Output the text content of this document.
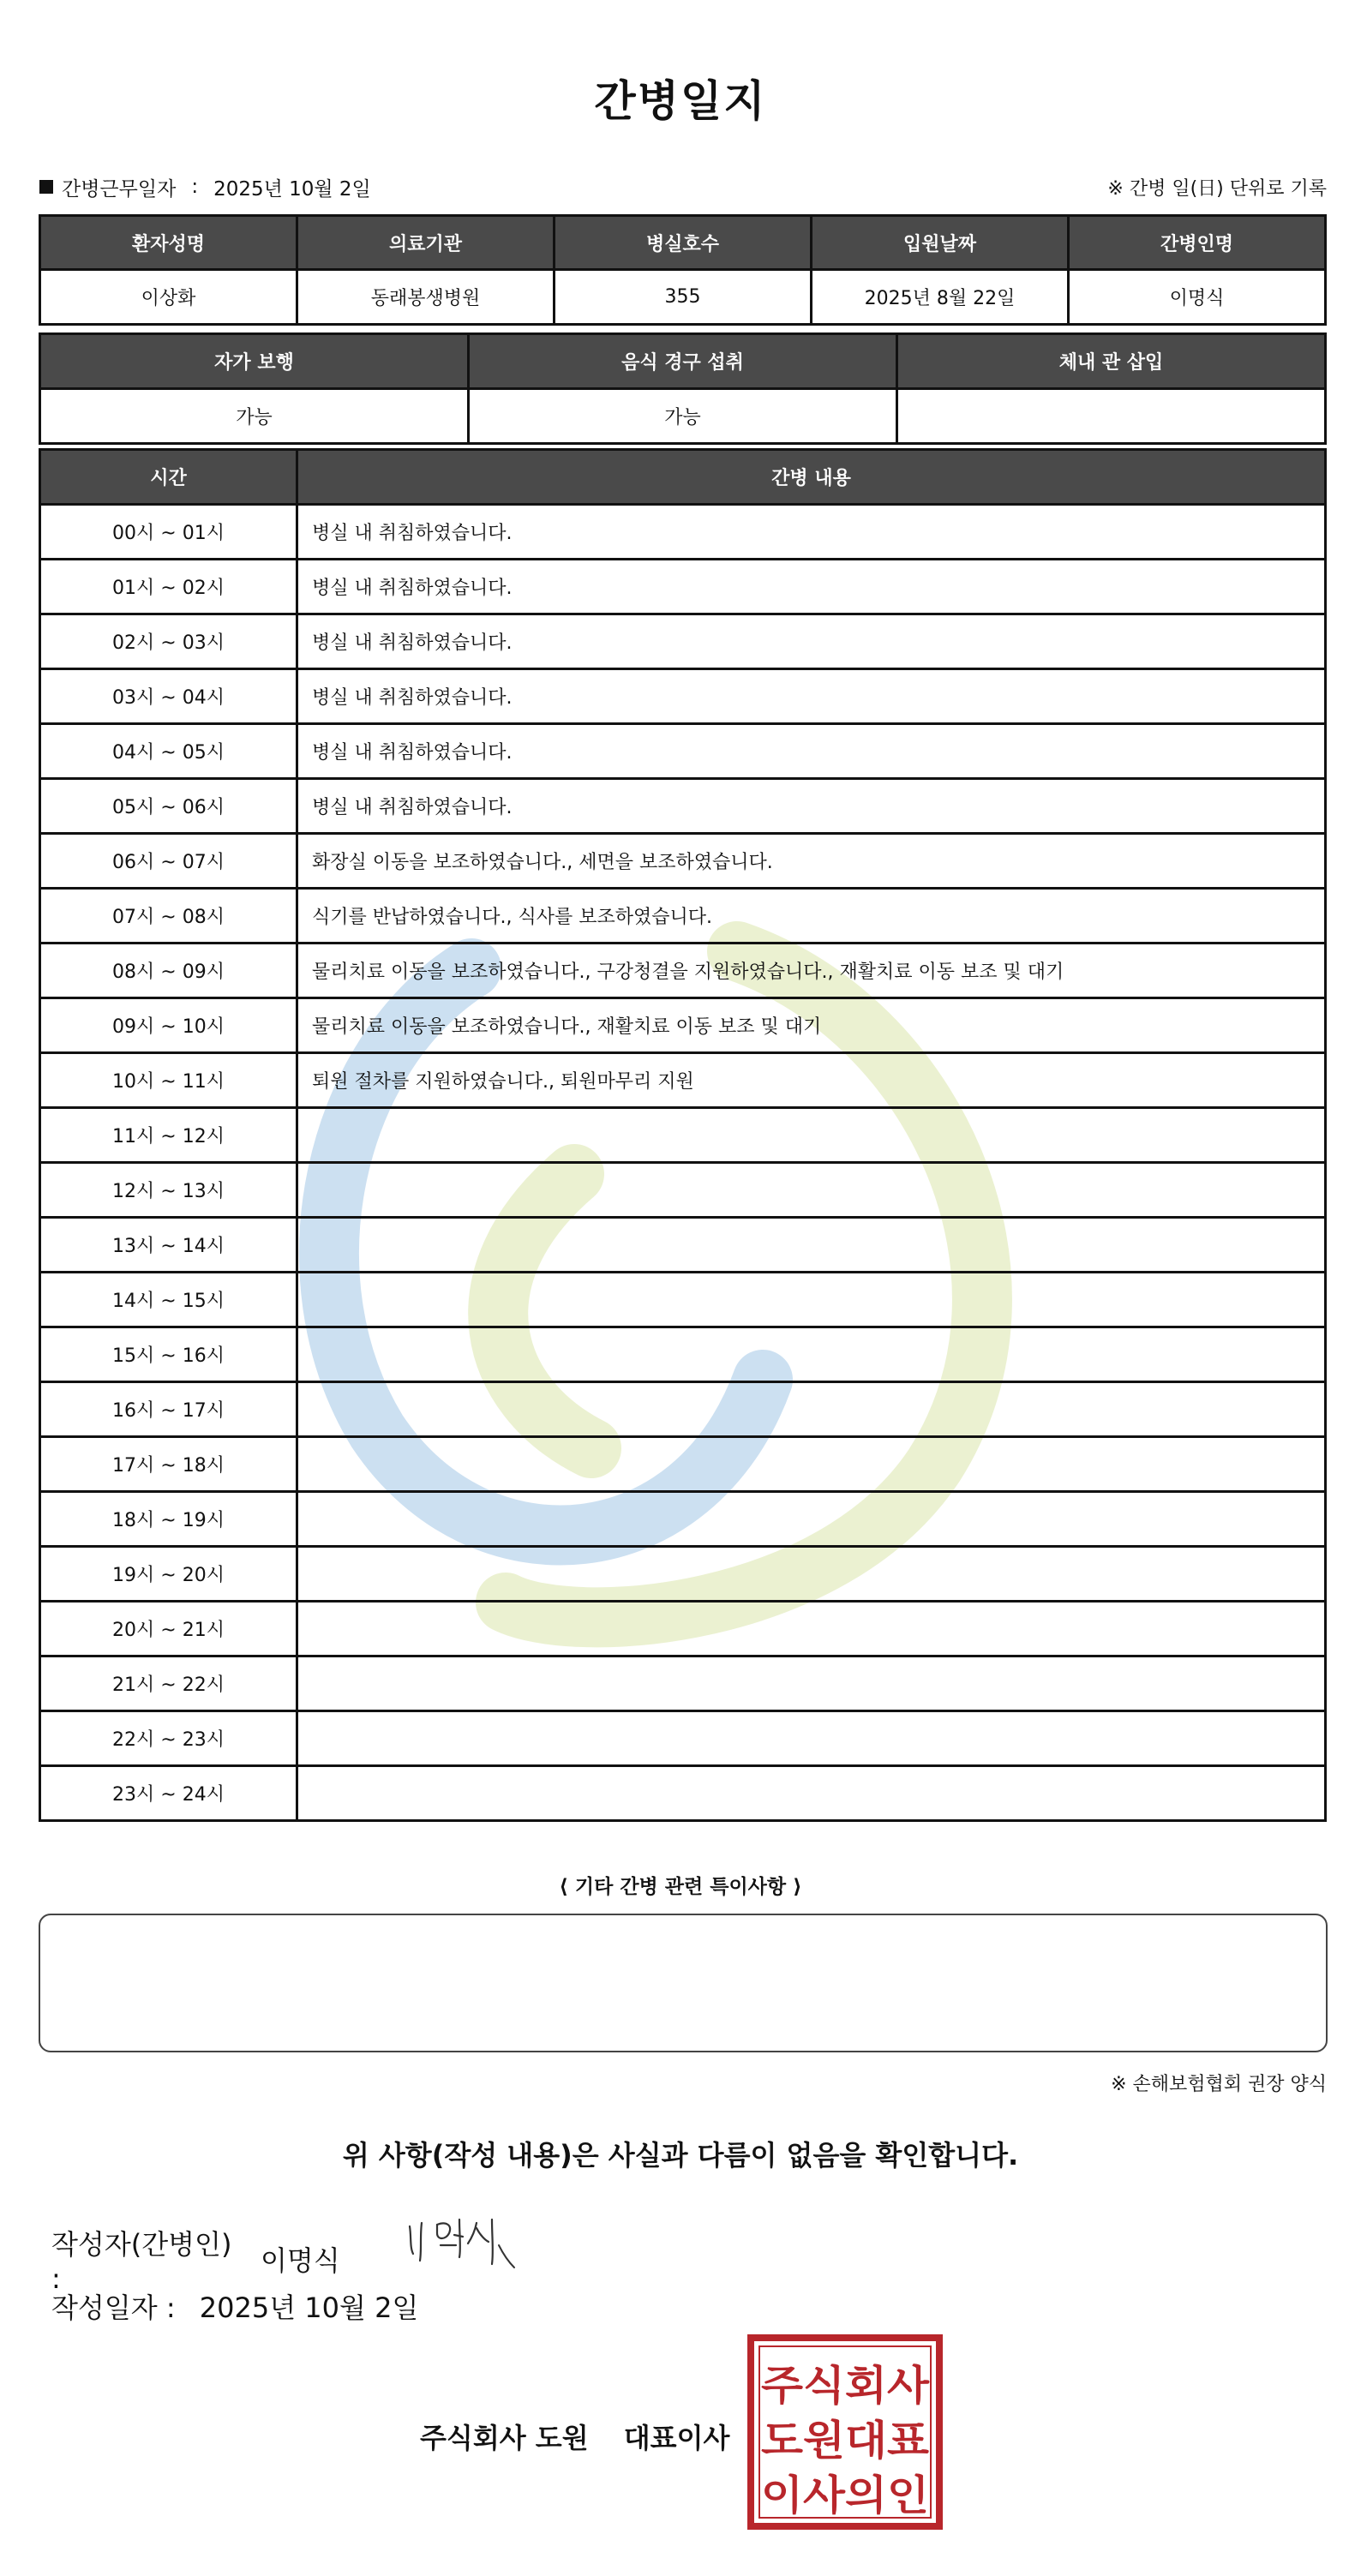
간병일지
간병근무일자 : 2025년 10월 2일	※ 간병 일(日) 단위로 기록
환자성명	의료기관	병실호수	입원날짜	간병인명
이상화	동래봉생병원	355	2025년 8월 22일	이명식
자가 보행	음식 경구 섭취	체내 관 삽입
가능	가능	
시간	간병 내용
00시 ~ 01시	병실 내 취침하였습니다.
01시 ~ 02시	병실 내 취침하였습니다.
02시 ~ 03시	병실 내 취침하였습니다.
03시 ~ 04시	병실 내 취침하였습니다.
04시 ~ 05시	병실 내 취침하였습니다.
05시 ~ 06시	병실 내 취침하였습니다.
06시 ~ 07시	화장실 이동을 보조하였습니다., 세면을 보조하였습니다.
07시 ~ 08시	식기를 반납하였습니다., 식사를 보조하였습니다.
08시 ~ 09시	물리치료 이동을 보조하였습니다., 구강청결을 지원하였습니다., 재활치료 이동 보조 및 대기
09시 ~ 10시	물리치료 이동을 보조하였습니다., 재활치료 이동 보조 및 대기
10시 ~ 11시	퇴원 절차를 지원하였습니다., 퇴원마무리 지원
11시 ~ 12시	
12시 ~ 13시	
13시 ~ 14시	
14시 ~ 15시	
15시 ~ 16시	
16시 ~ 17시	
17시 ~ 18시	
18시 ~ 19시	
19시 ~ 20시	
20시 ~ 21시	
21시 ~ 22시	
22시 ~ 23시	
23시 ~ 24시	
⟨ 기타 간병 관련 특이사항 ⟩
※ 손해보험협회 권장 양식
위 사항(작성 내용)은 사실과 다름이 없음을 확인합니다.
작성자(간병인) :
이명식
작성일자 : 2025년 10월 2일
주식회사 도원 대표이사
주식회사
도원대표
이사의인
